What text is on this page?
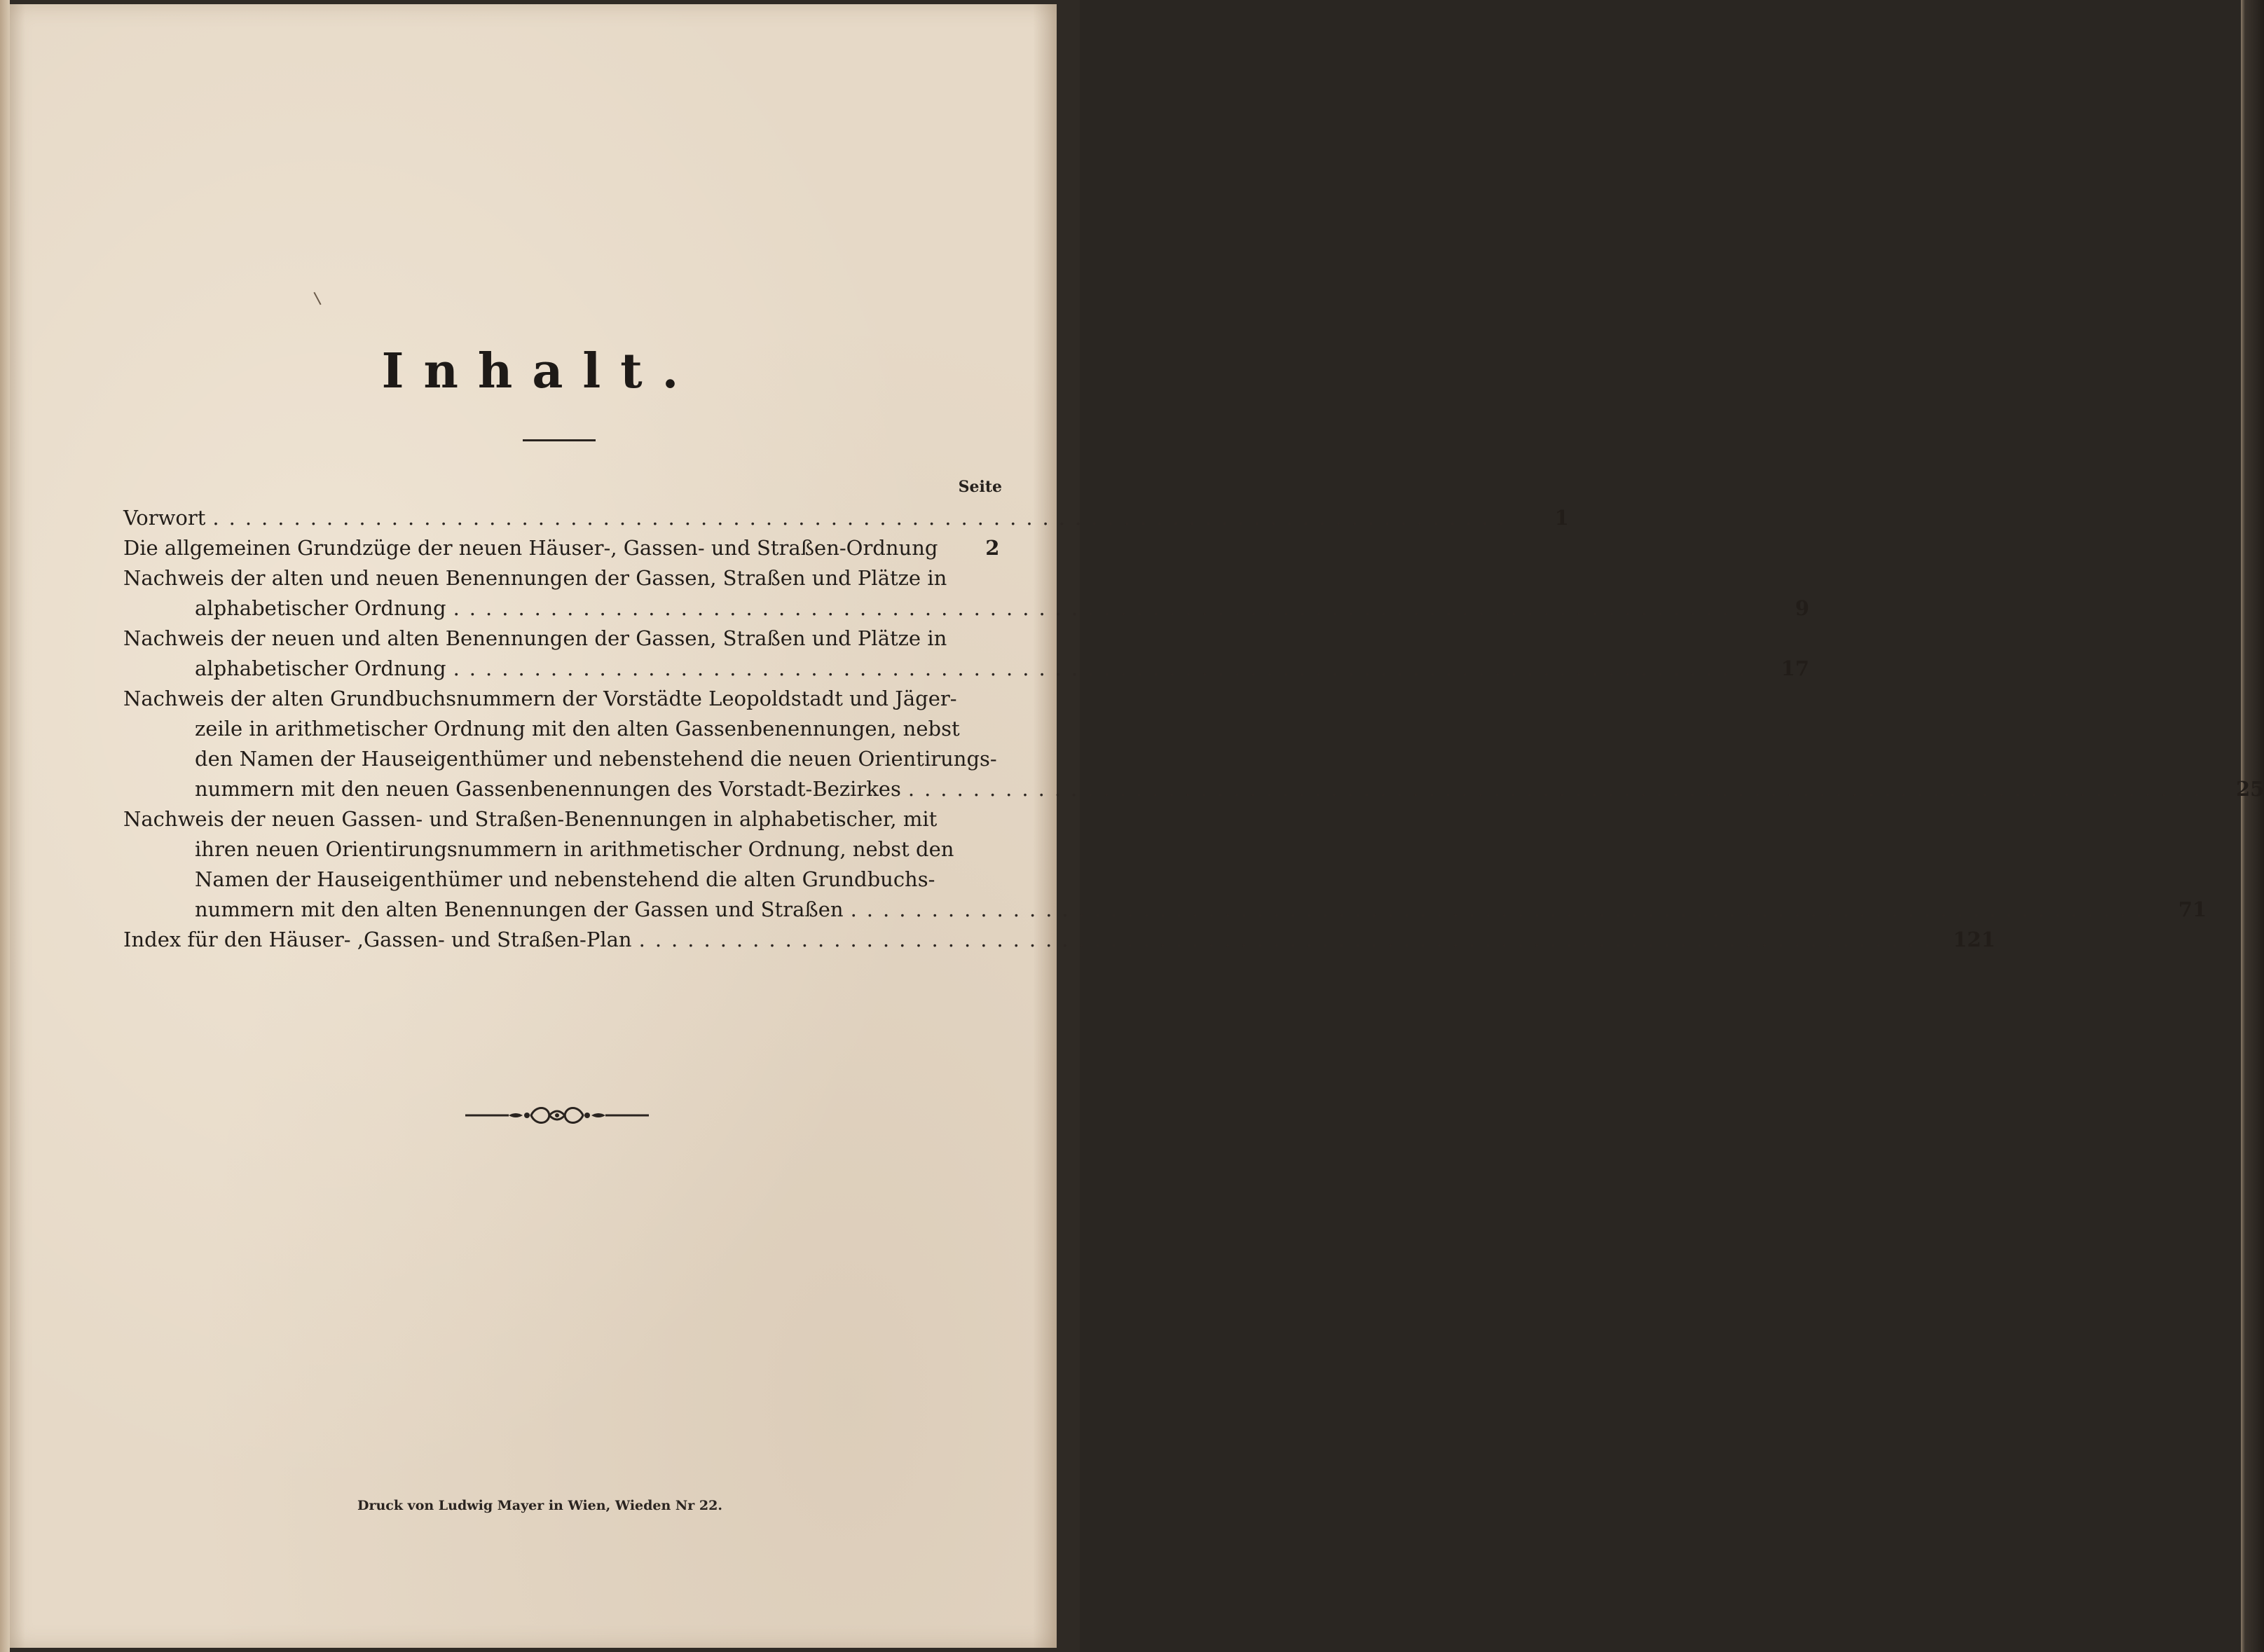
Inhalt.
Seite
Vorwort ................................................................................	1
Die allgemeinen Grundzüge der neuen Häuser-, Gassen- und Straßen-Ordnung	2
Nachweis der alten und neuen Benennungen der Gassen, Straßen und Plätze in
alphabetischer Ordnung ................................................................................	9
Nachweis der neuen und alten Benennungen der Gassen, Straßen und Plätze in
alphabetischer Ordnung ................................................................................	17
Nachweis der alten Grundbuchsnummern der Vorstädte Leopoldstadt und Jäger-
zeile in arithmetischer Ordnung mit den alten Gassenbenennungen, nebst
den Namen der Hauseigenthümer und nebenstehend die neuen Orientirungs-
nummern mit den neuen Gassenbenennungen des Vorstadt-Bezirkes ................................................................................	25
Nachweis der neuen Gassen- und Straßen-Benennungen in alphabetischer, mit
ihren neuen Orientirungsnummern in arithmetischer Ordnung, nebst den
Namen der Hauseigenthümer und nebenstehend die alten Grundbuchs-
nummern mit den alten Benennungen der Gassen und Straßen ................................................................................	71
Index für den Häuser- ,Gassen- und Straßen-Plan ................................................................................ 121
Druck von Ludwig Mayer in Wien, Wieden Nr 22.
